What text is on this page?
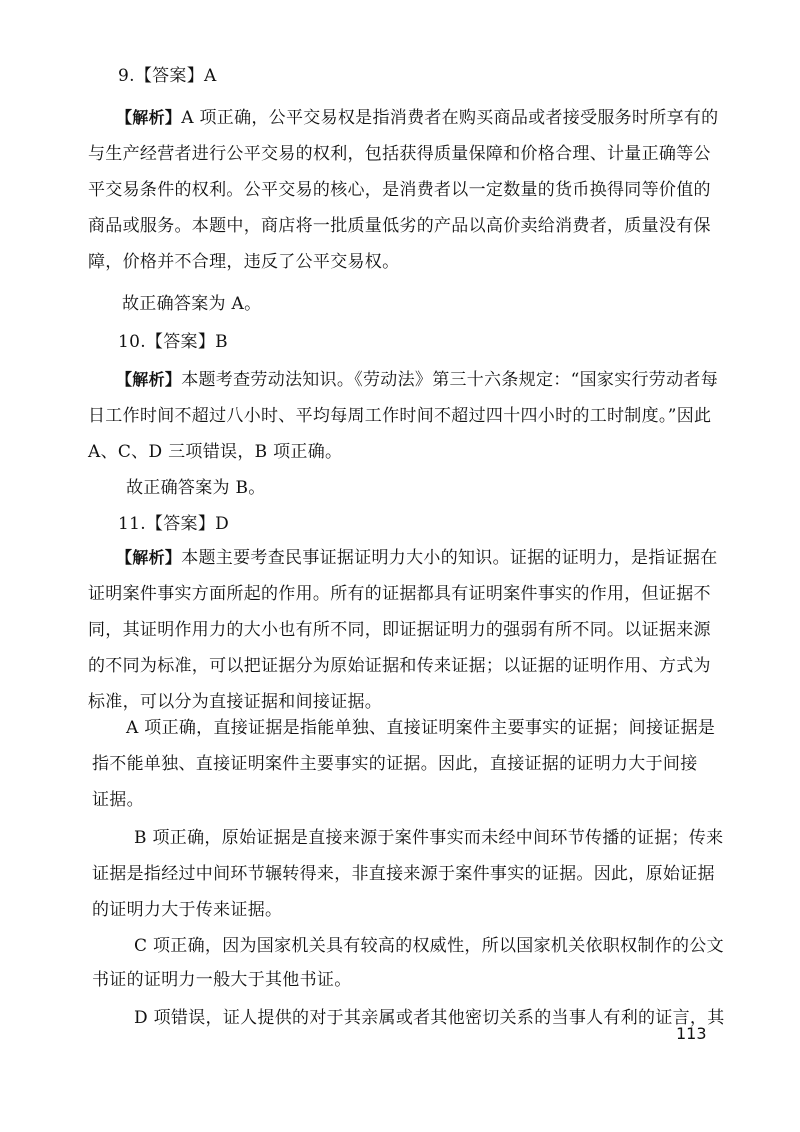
9.【答案】A
【解析】A 项正确，公平交易权是指消费者在购买商品或者接受服务时所享有的
与生产经营者进行公平交易的权利，包括获得质量保障和价格合理、计量正确等公
平交易条件的权利。公平交易的核心，是消费者以一定数量的货币换得同等价值的
商品或服务。本题中，商店将一批质量低劣的产品以高价卖给消费者，质量没有保
障，价格并不合理，违反了公平交易权。
故正确答案为 A。
10.【答案】B
【解析】本题考查劳动法知识。《劳动法》第三十六条规定：“国家实行劳动者每
日工作时间不超过八小时、平均每周工作时间不超过四十四小时的工时制度。”因此
A、C、D 三项错误，B 项正确。
故正确答案为 B。
11.【答案】D
【解析】本题主要考查民事证据证明力大小的知识。证据的证明力，是指证据在
证明案件事实方面所起的作用。所有的证据都具有证明案件事实的作用，但证据不
同，其证明作用力的大小也有所不同，即证据证明力的强弱有所不同。以证据来源
的不同为标准，可以把证据分为原始证据和传来证据；以证据的证明作用、方式为
标准，可以分为直接证据和间接证据。
A 项正确，直接证据是指能单独、直接证明案件主要事实的证据；间接证据是
指不能单独、直接证明案件主要事实的证据。因此，直接证据的证明力大于间接
证据。
B 项正确，原始证据是直接来源于案件事实而未经中间环节传播的证据；传来
证据是指经过中间环节辗转得来，非直接来源于案件事实的证据。因此，原始证据
的证明力大于传来证据。
C 项正确，因为国家机关具有较高的权威性，所以国家机关依职权制作的公文
书证的证明力一般大于其他书证。
D 项错误，证人提供的对于其亲属或者其他密切关系的当事人有利的证言，其
113
